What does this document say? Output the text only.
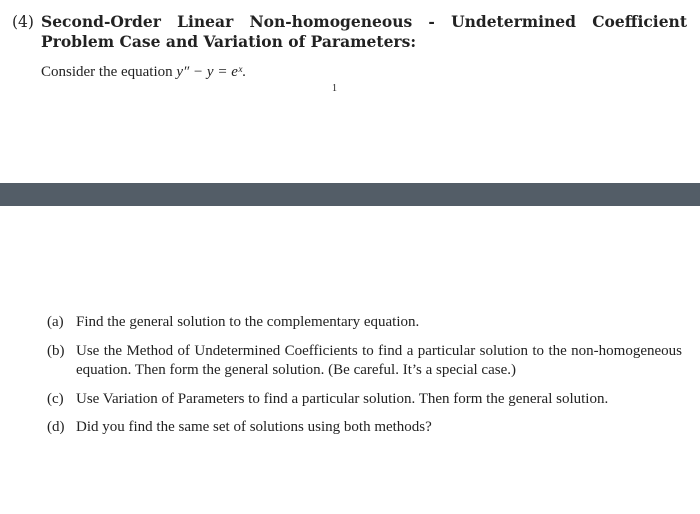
(4) Second-Order Linear Non-homogeneous - Undetermined Coefficient Problem Case and Variation of Parameters:
Consider the equation y″ − y = eˣ.
1
(a) Find the general solution to the complementary equation.
(b) Use the Method of Undetermined Coefficients to find a particular solution to the non-homogeneous equation. Then form the general solution. (Be careful. It’s a special case.)
(c) Use Variation of Parameters to find a particular solution. Then form the general solution.
(d) Did you find the same set of solutions using both methods?
